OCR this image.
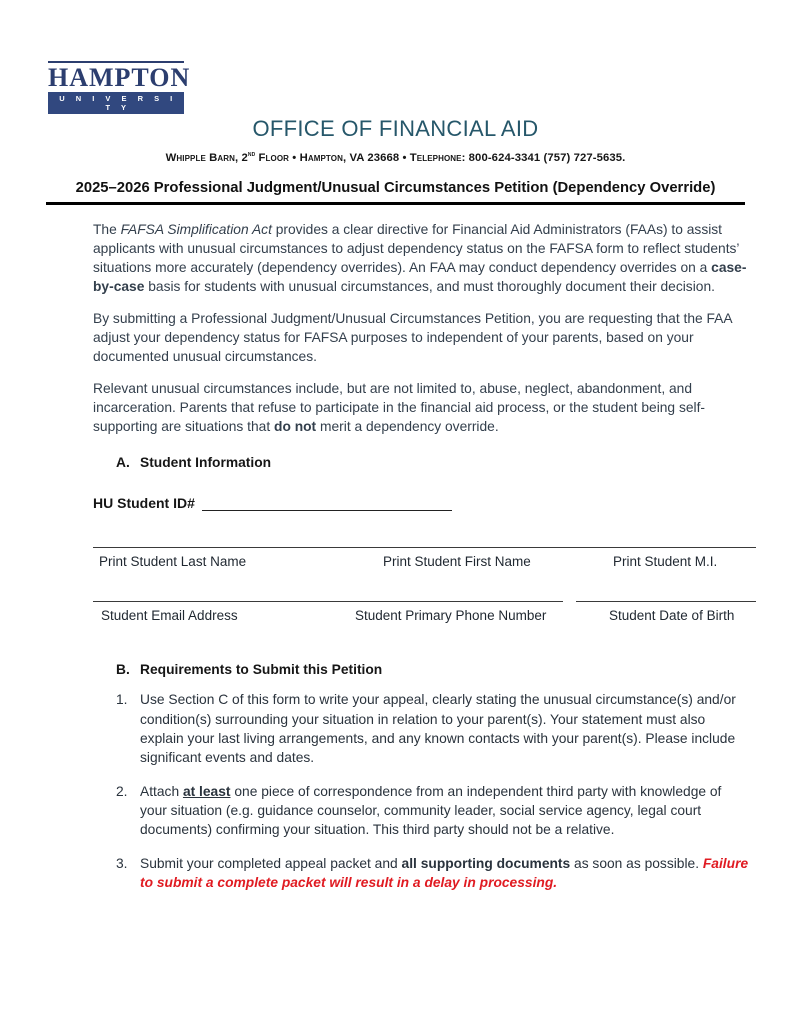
HAMPTON
U N I V E R S I T Y
OFFICE OF FINANCIAL AID
Whipple Barn, 2nd Floor • Hampton, VA 23668 • Telephone: 800-624-3341 (757) 727-5635.
2025–2026 Professional Judgment/Unusual Circumstances Petition (Dependency Override)

The FAFSA Simplification Act provides a clear directive for Financial Aid Administrators (FAAs) to assist applicants with unusual circumstances to adjust dependency status on the FAFSA form to reflect students’ situations more accurately (dependency overrides). An FAA may conduct dependency overrides on a case-by-case basis for students with unusual circumstances, and must thoroughly document their decision.

By submitting a Professional Judgment/Unusual Circumstances Petition, you are requesting that the FAA adjust your dependency status for FAFSA purposes to independent of your parents, based on your documented unusual circumstances.

Relevant unusual circumstances include, but are not limited to, abuse, neglect, abandonment, and incarceration. Parents that refuse to participate in the financial aid process, or the student being self-supporting are situations that do not merit a dependency override.

A. Student Information
HU Student ID#
Print Student Last Name	Print Student First Name	Print Student M.I.
Student Email Address	Student Primary Phone Number	Student Date of Birth
B. Requirements to Submit this Petition
1. Use Section C of this form to write your appeal, clearly stating the unusual circumstance(s) and/or condition(s) surrounding your situation in relation to your parent(s). Your statement must also explain your last living arrangements, and any known contacts with your parent(s). Please include significant events and dates.
2. Attach at least one piece of correspondence from an independent third party with knowledge of your situation (e.g. guidance counselor, community leader, social service agency, legal court documents) confirming your situation. This third party should not be a relative.
3. Submit your completed appeal packet and all supporting documents as soon as possible. Failure to submit a complete packet will result in a delay in processing.
